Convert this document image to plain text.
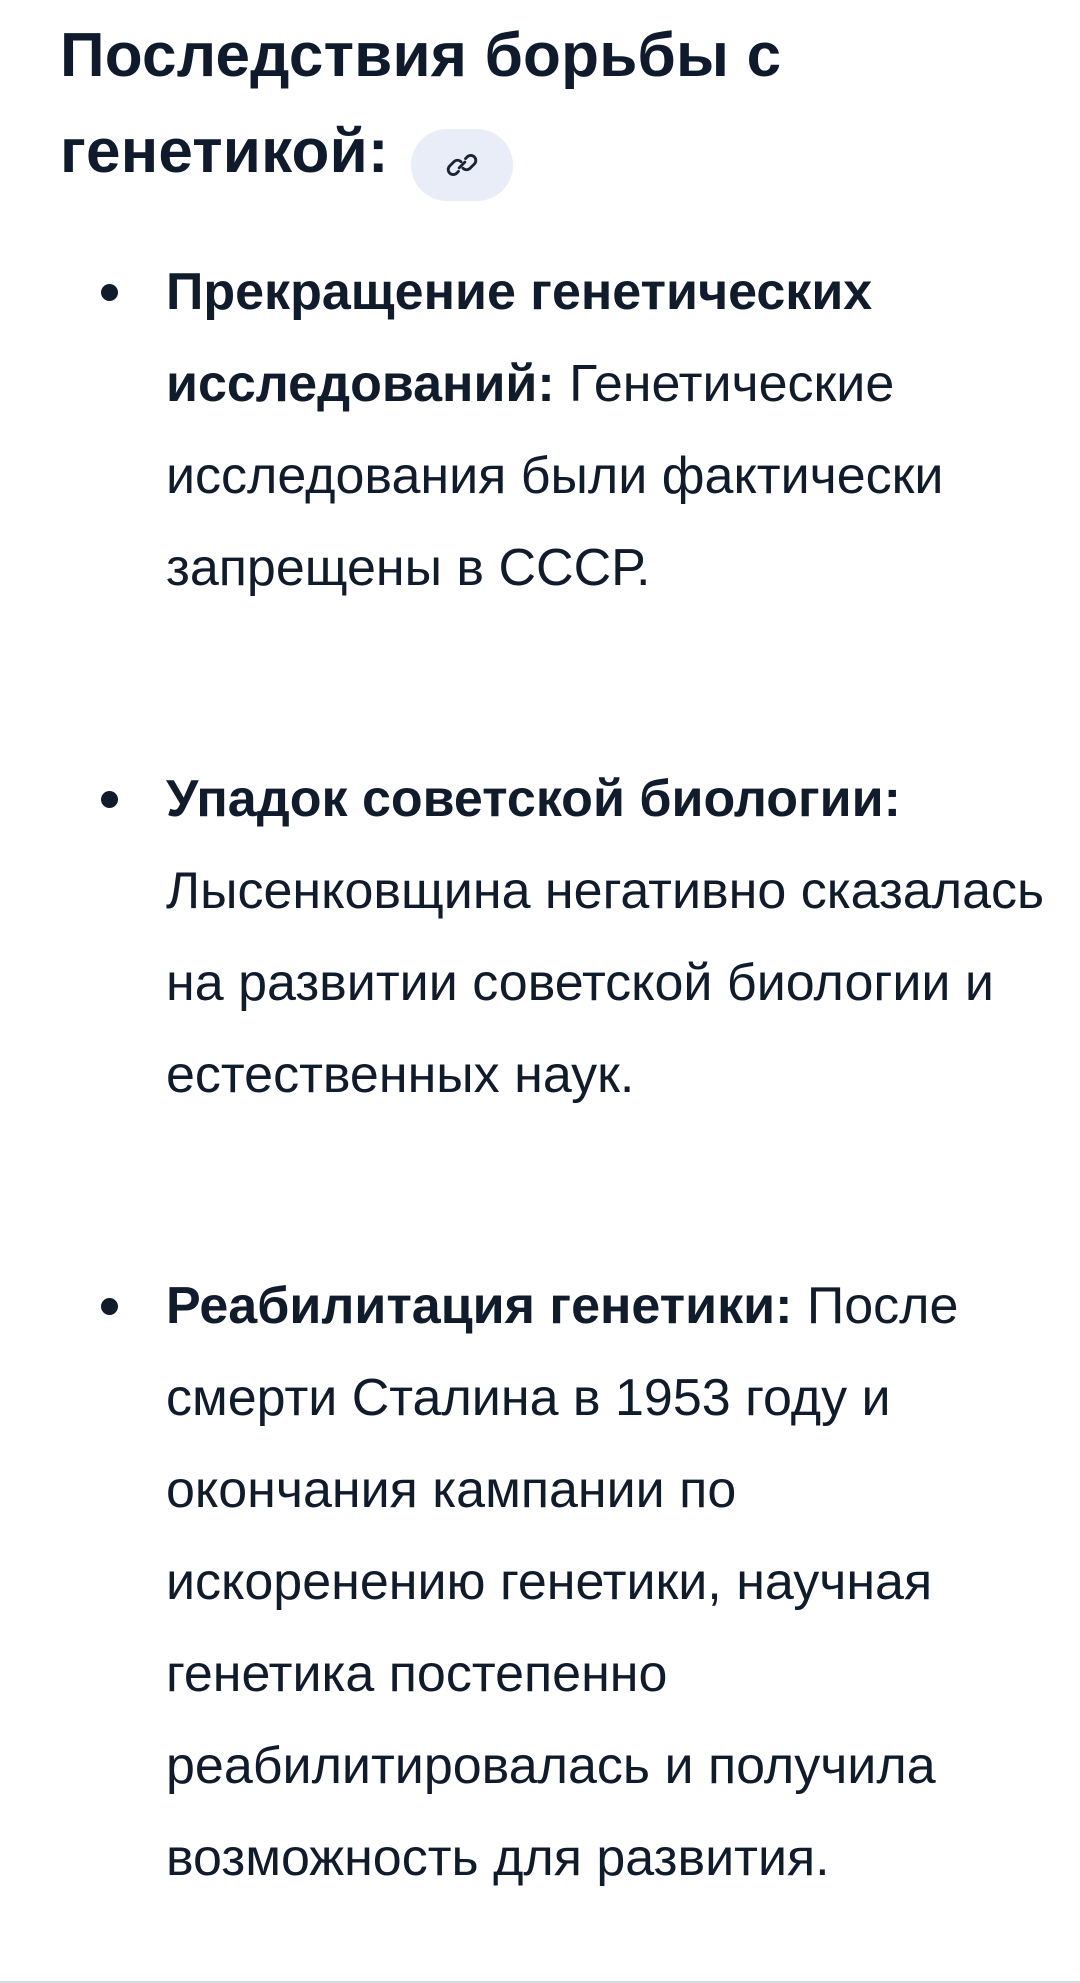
Последствия борьбы с генетикой:
Прекращение генетических исследований: Генетические исследования были фактически запрещены в СССР.
Упадок советской биологии: Лысенковщина негативно сказалась на развитии советской биологии и естественных наук.
Реабилитация генетики: После смерти Сталина в 1953 году и окончания кампании по искоренению генетики, научная генетика постепенно реабилитировалась и получила возможность для развития.
